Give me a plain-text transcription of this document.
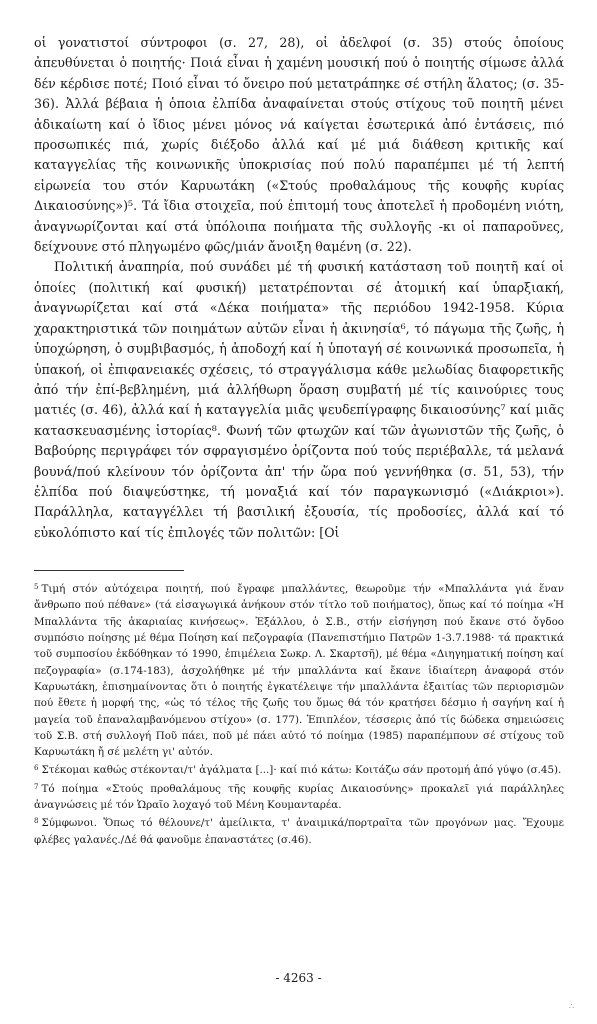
οἱ γονατιστοί σύντροφοι (σ. 27, 28), οἱ ἀδελφοί (σ. 35) στούς ὁποίους ἀπευθύνεται ὁ ποιητής· Ποιά εἶναι ἡ χαμένη μουσική πού ὁ ποιητής σίμωσε ἀλλά δέν κέρδισε ποτέ; Ποιό εἶναι τό ὄνειρο πού μετατράπηκε σέ στήλη ἅλατος; (σ. 35-36). Ἀλλά βέβαια ἡ ὁποια ἐλπίδα ἀναφαίνεται στούς στίχους τοῦ ποιητῆ μένει ἀδικαίωτη καί ὁ ἴδιος μένει μόνος νά καίγεται ἐσωτερικά ἀπό ἐντάσεις, πιό προσωπικές πιά, χωρίς διέξοδο ἀλλά καί μέ μιά διάθεση κριτικῆς καί καταγγελίας τῆς κοινωνικῆς ὑποκρισίας πού πολύ παραπέμπει μέ τή λεπτή εἰρωνεία του στόν Καρυωτάκη («Στούς προθαλάμους τῆς κουφῆς κυρίας Δικαιοσύνης»)⁵. Τά ἴδια στοιχεῖα, πού ἐπιτομή τους ἀποτελεῖ ἡ προδομένη νιότη, ἀναγνωρίζονται καί στά ὑπόλοιπα ποιήματα τῆς συλλογῆς -κι οἱ παπαροῦνες, δείχνουνε στό πληγωμένο φῶς/μιάν ἄνοιξη θαμένη (σ. 22).

Πολιτική ἀναπηρία, πού συνάδει μέ τή φυσική κατάσταση τοῦ ποιητῆ καί οἱ ὁποίες (πολιτική καί φυσική) μετατρέπονται σέ ἀτομική καί ὑπαρξιακή, ἀναγνωρίζεται καί στά «Δέκα ποιήματα» τῆς περιόδου 1942-1958. Κύρια χαρακτηριστικά τῶν ποιημάτων αὐτῶν εἶναι ἡ ἀκινησία⁶, τό πάγωμα τῆς ζωῆς, ἡ ὑποχώρηση, ὁ συμβιβασμός, ἡ ἀποδοχή καί ἡ ὑποταγή σέ κοινωνικά προσωπεῖα, ἡ ὑπακοή, οἱ ἐπιφανειακές σχέσεις, τό στραγγάλισμα κάθε μελωδίας διαφορετικῆς ἀπό τήν ἐπί-βεβλημένη, μιά ἀλλήθωρη ὅραση συμβατή μέ τίς καινούριες τους ματιές (σ. 46), ἀλλά καί ἡ καταγγελία μιᾶς ψευδεπίγραφης δικαιοσύνης⁷ καί μιᾶς κατασκευασμένης ἱστορίας⁸. Φωνή τῶν φτωχῶν καί τῶν ἀγωνιστῶν τῆς ζωῆς, ὁ Βαβούρης περιγράφει τόν σφραγισμένο ὁρίζοντα πού τούς περιέβαλλε, τά μελανά βουνά/πού κλείνουν τόν ὁρίζοντα ἀπ' τήν ὥρα πού γεννήθηκα (σ. 51, 53), τήν ἐλπίδα πού διαψεύστηκε, τή μοναξιά καί τόν παραγκωνισμό («Διάκριοι»). Παράλληλα, καταγγέλλει τή βασιλική ἐξουσία, τίς προδοσίες, ἀλλά καί τό εὐκολόπιστο καί τίς ἐπιλογές τῶν πολιτῶν: [Οἱ

$^5$ Τιμή στόν αὐτόχειρα ποιητή, πού ἔγραφε μπαλλάντες, θεωροῦμε τήν «Μπαλλάντα γιά ἕναν ἄνθρωπο πού πέθανε» (τά εἰσαγωγικά ἀνήκουν στόν τίτλο τοῦ ποιήματος), ὅπως καί τό ποίημα «Ἡ Μπαλλάντα τῆς ἀκαριαίας κινήσεως». Ἐξάλλου, ὁ Σ.Β., στήν εἰσήγηση πού ἔκανε στό ὄγδοο συμπόσιο ποίησης μέ θέμα Ποίηση καί πεζογραφία (Πανεπιστήμιο Πατρῶν 1-3.7.1988· τά πρακτικά τοῦ συμποσίου ἐκδόθηκαν τό 1990, ἐπιμέλεια Σωκρ. Λ. Σκαρτσῆ), μέ θέμα «Διηγηματική ποίηση καί πεζογραφία» (σ.174-183), ἀσχολήθηκε μέ τήν μπαλλάντα καί ἔκανε ἰδιαίτερη ἀναφορά στόν Καρυωτάκη, ἐπισημαίνοντας ὅτι ὁ ποιητής ἐγκατέλειψε τήν μπαλλάντα ἐξαιτίας τῶν περιορισμῶν πού ἔθετε ἡ μορφή της, «ὡς τό τέλος τῆς ζωῆς του ὅμως θά τόν κρατήσει δέσμιο ἡ σαγήνη καί ἡ μαγεία τοῦ ἐπαναλαμβανόμενου στίχου» (σ. 177). Ἐπιπλέον, τέσσερις ἀπό τίς δώδεκα σημειώσεις τοῦ Σ.Β. στή συλλογή Ποῦ πάει, ποῦ μέ πάει αὐτό τό ποίημα (1985) παραπέμπουν σέ στίχους τοῦ Καρυωτάκη ἤ σέ μελέτη γι' αὐτόν.

$^6$ Στέκομαι καθώς στέκονται/τ' ἀγάλματα [...]· καί πιό κάτω: Κοιτάζω σάν προτομή ἀπό γύψο (σ.45).

$^7$ Τό ποίημα «Στούς προθαλάμους τῆς κουφῆς κυρίας Δικαιοσύνης» προκαλεῖ γιά παράλληλες ἀναγνώσεις μέ τόν Ὡραῖο λοχαγό τοῦ Μένη Κουμανταρέα.

$^8$ Σύμφωνοι. Ὅπως τό θέλουνε/τ' ἀμείλικτα, τ' ἀναιμικά/πορτραῖτα τῶν προγόνων μας. Ἔχουμε φλέβες γαλανές./Δέ θά φανοῦμε ἐπαναστάτες (σ.46).

- 4263 -
∴
